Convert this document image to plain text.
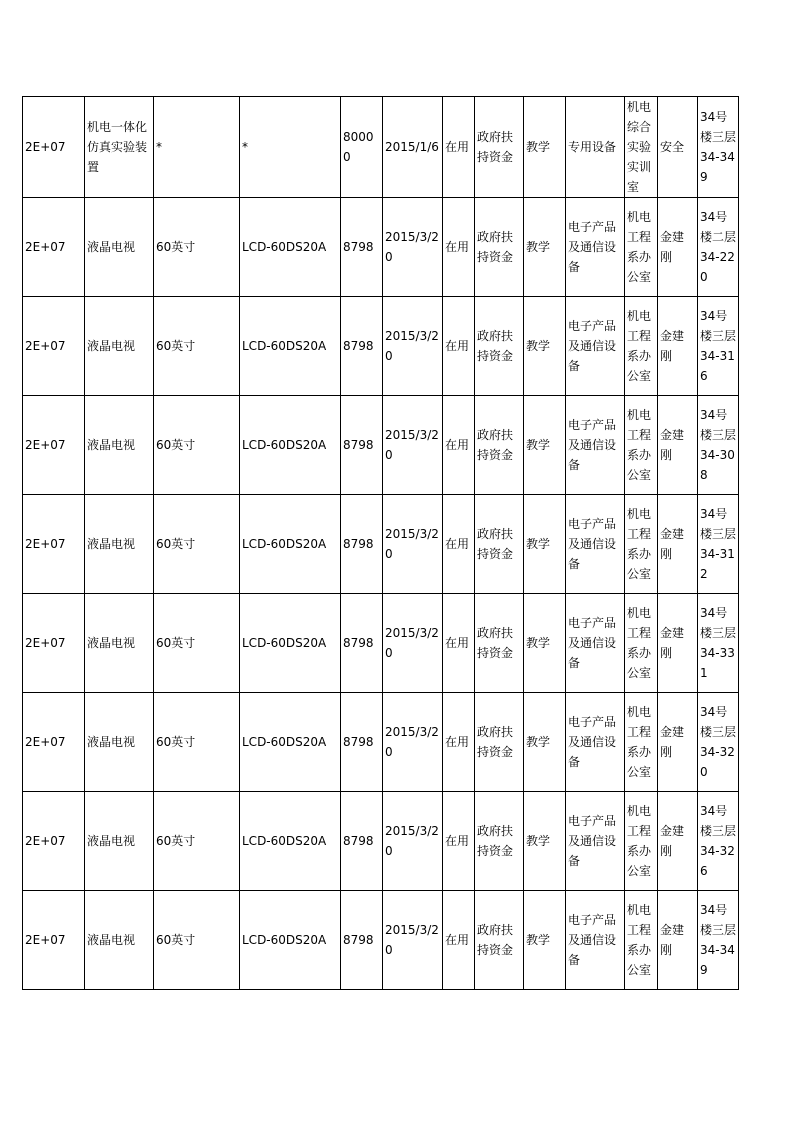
2E+07	机电一体化仿真实验装置	*	*	80000	2015/1/6	在用	政府扶持资金	教学	专用设备	机电综合实验实训室	安全	34号楼三层34-349
2E+07	液晶电视	60英寸	LCD-60DS20A	8798	2015/3/20	在用	政府扶持资金	教学	电子产品及通信设备	机电工程系办公室	金建刚	34号楼二层34-220
2E+07	液晶电视	60英寸	LCD-60DS20A	8798	2015/3/20	在用	政府扶持资金	教学	电子产品及通信设备	机电工程系办公室	金建刚	34号楼三层34-316
2E+07	液晶电视	60英寸	LCD-60DS20A	8798	2015/3/20	在用	政府扶持资金	教学	电子产品及通信设备	机电工程系办公室	金建刚	34号楼三层34-308
2E+07	液晶电视	60英寸	LCD-60DS20A	8798	2015/3/20	在用	政府扶持资金	教学	电子产品及通信设备	机电工程系办公室	金建刚	34号楼三层34-312
2E+07	液晶电视	60英寸	LCD-60DS20A	8798	2015/3/20	在用	政府扶持资金	教学	电子产品及通信设备	机电工程系办公室	金建刚	34号楼三层34-331
2E+07	液晶电视	60英寸	LCD-60DS20A	8798	2015/3/20	在用	政府扶持资金	教学	电子产品及通信设备	机电工程系办公室	金建刚	34号楼三层34-320
2E+07	液晶电视	60英寸	LCD-60DS20A	8798	2015/3/20	在用	政府扶持资金	教学	电子产品及通信设备	机电工程系办公室	金建刚	34号楼三层34-326
2E+07	液晶电视	60英寸	LCD-60DS20A	8798	2015/3/20	在用	政府扶持资金	教学	电子产品及通信设备	机电工程系办公室	金建刚	34号楼三层34-349
